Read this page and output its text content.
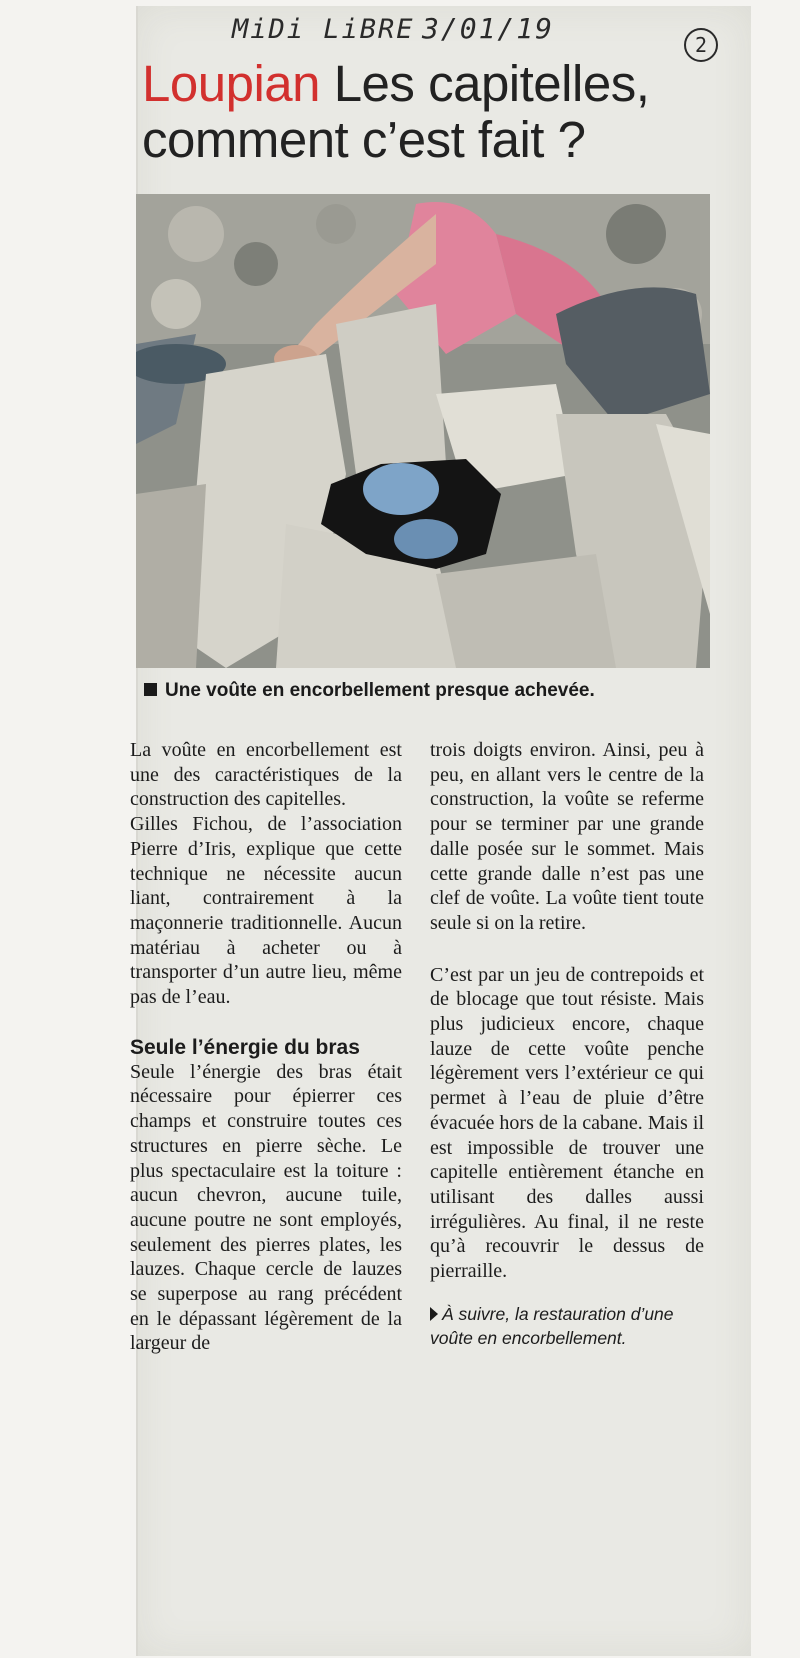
MiDi LiBRE 3/01/19	2
Loupian Les capitelles,
comment c’est fait ?
Une voûte en encorbellement presque achevée.

La voûte en encorbellement est une des caractéristiques de la construction des capitelles.

Gilles Fichou, de l’association Pierre d’Iris, explique que cette technique ne nécessite aucun liant, contrairement à la maçonnerie traditionnelle. Aucun matériau à acheter ou à transporter d’un autre lieu, même pas de l’eau.

Seule l’énergie du bras

Seule l’énergie des bras était nécessaire pour épierrer ces champs et construire toutes ces structures en pierre sèche. Le plus spectaculaire est la toiture : aucun chevron, aucune tuile, aucune poutre ne sont employés, seulement des pierres plates, les lauzes. Chaque cercle de lauzes se superpose au rang précédent en le dépassant légèrement de la largeur de

trois doigts environ. Ainsi, peu à peu, en allant vers le centre de la construction, la voûte se referme pour se terminer par une grande dalle posée sur le sommet. Mais cette grande dalle n’est pas une clef de voûte. La voûte tient toute seule si on la retire.

C’est par un jeu de contrepoids et de blocage que tout résiste. Mais plus judicieux encore, chaque lauze de cette voûte penche légèrement vers l’extérieur ce qui permet à l’eau de pluie d’être évacuée hors de la cabane. Mais il est impossible de trouver une capitelle entièrement étanche en utilisant des dalles aussi irrégulières. Au final, il ne reste qu’à recouvrir le dessus de pierraille.

À suivre, la restauration d’une voûte en encorbellement.
